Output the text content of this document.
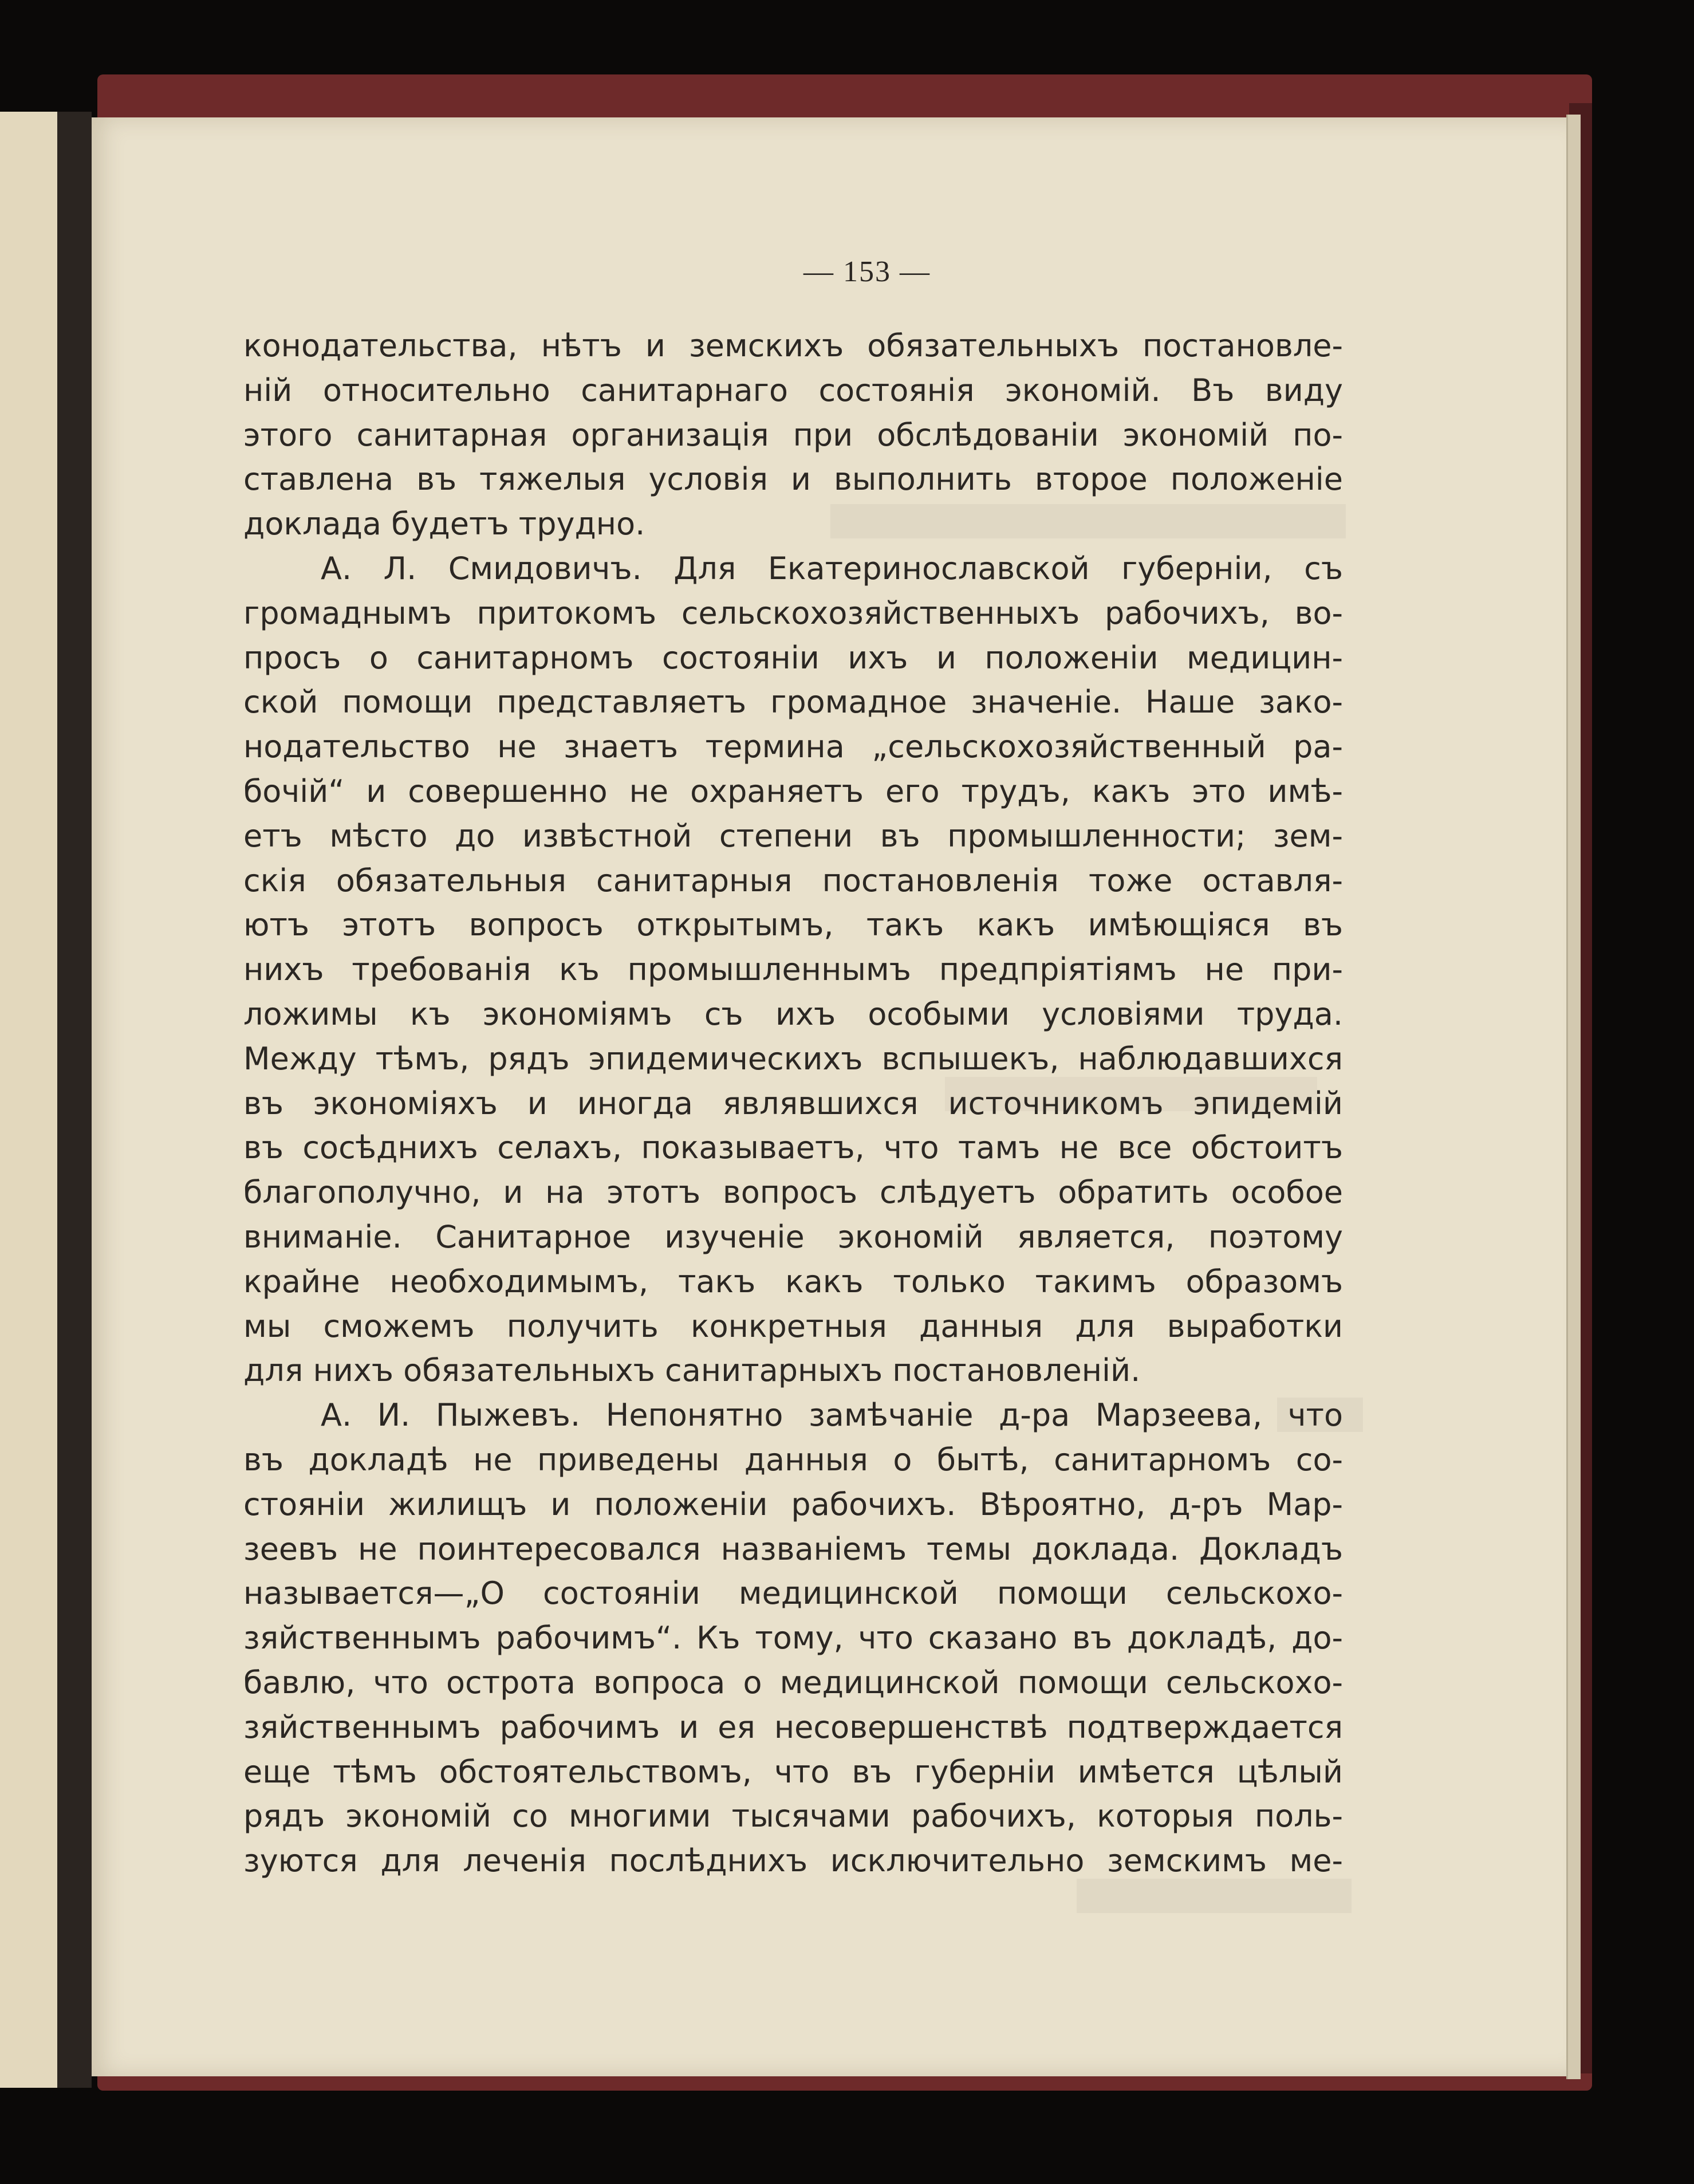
— 153 —
конодательства, нѣтъ и земскихъ обязательныхъ постановле-
ній относительно санитарнаго состоянія экономій. Въ виду
этого санитарная организація при обслѣдованіи экономій по-
ставлена въ тяжелыя условія и выполнить второе положеніе
доклада будетъ трудно.
А. Л. Смидовичъ. Для Екатеринославской губерніи, съ
громаднымъ притокомъ сельскохозяйственныхъ рабочихъ, во-
просъ о санитарномъ состояніи ихъ и положеніи медицин-
ской помощи представляетъ громадное значеніе. Наше зако-
нодательство не знаетъ термина „сельскохозяйственный ра-
бочій“ и совершенно не охраняетъ его трудъ, какъ это имѣ-
етъ мѣсто до извѣстной степени въ промышленности; зем-
скія обязательныя санитарныя постановленія тоже оставля-
ютъ этотъ вопросъ открытымъ, такъ какъ имѣющіяся въ
нихъ требованія къ промышленнымъ предпріятіямъ не при-
ложимы къ экономіямъ съ ихъ особыми условіями труда.
Между тѣмъ, рядъ эпидемическихъ вспышекъ, наблюдавшихся
въ экономіяхъ и иногда являвшихся источникомъ эпидемій
въ сосѣднихъ селахъ, показываетъ, что тамъ не все обстоитъ
благополучно, и на этотъ вопросъ слѣдуетъ обратить особое
вниманіе. Санитарное изученіе экономій является, поэтому
крайне необходимымъ, такъ какъ только такимъ образомъ
мы сможемъ получить конкретныя данныя для выработки
для нихъ обязательныхъ санитарныхъ постановленій.
А. И. Пыжевъ. Непонятно замѣчаніе д-ра Марзеева, что
въ докладѣ не приведены данныя о бытѣ, санитарномъ со-
стояніи жилищъ и положеніи рабочихъ. Вѣроятно, д-ръ Мар-
зеевъ не поинтересовался названіемъ темы доклада. Докладъ
называется—„О состояніи медицинской помощи сельскохо-
зяйственнымъ рабочимъ“. Къ тому, что сказано въ докладѣ, до-
бавлю, что острота вопроса о медицинской помощи сельскохо-
зяйственнымъ рабочимъ и ея несовершенствѣ подтверждается
еще тѣмъ обстоятельствомъ, что въ губерніи имѣется цѣлый
рядъ экономій со многими тысячами рабочихъ, которыя поль-
зуются для леченія послѣднихъ исключительно земскимъ ме-
